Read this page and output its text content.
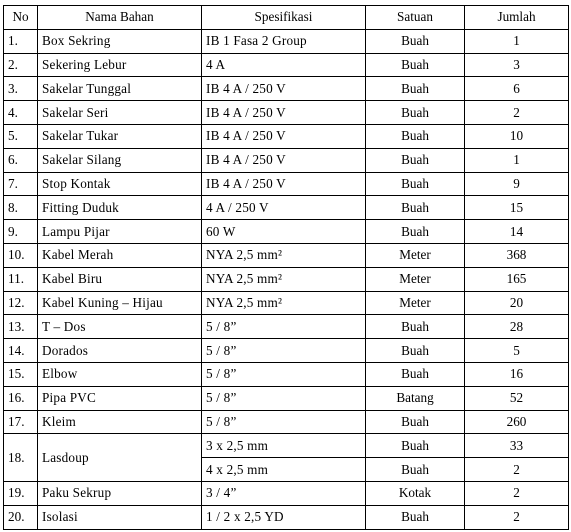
No	Nama Bahan	Spesifikasi	Satuan	Jumlah
1.	Box Sekring	IB 1 Fasa 2 Group	Buah	1
2.	Sekering Lebur	4 A	Buah	3
3.	Sakelar Tunggal	IB 4 A / 250 V	Buah	6
4.	Sakelar Seri	IB 4 A / 250 V	Buah	2
5.	Sakelar Tukar	IB 4 A / 250 V	Buah	10
6.	Sakelar Silang	IB 4 A / 250 V	Buah	1
7.	Stop Kontak	IB 4 A / 250 V	Buah	9
8.	Fitting Duduk	4 A / 250 V	Buah	15
9.	Lampu Pijar	60 W	Buah	14
10.	Kabel Merah	NYA 2,5 mm²	Meter	368
11.	Kabel Biru	NYA 2,5 mm²	Meter	165
12.	Kabel Kuning – Hijau	NYA 2,5 mm²	Meter	20
13.	T – Dos	5 / 8”	Buah	28
14.	Dorados	5 / 8”	Buah	5
15.	Elbow	5 / 8”	Buah	16
16.	Pipa PVC	5 / 8”	Batang	52
17.	Kleim	5 / 8”	Buah	260
18.	Lasdoup	3 x 2,5 mm	Buah	33
		4 x 2,5 mm	Buah	2
19.	Paku Sekrup	3 / 4”	Kotak	2
20.	Isolasi	1 / 2 x 2,5 YD	Buah	2
